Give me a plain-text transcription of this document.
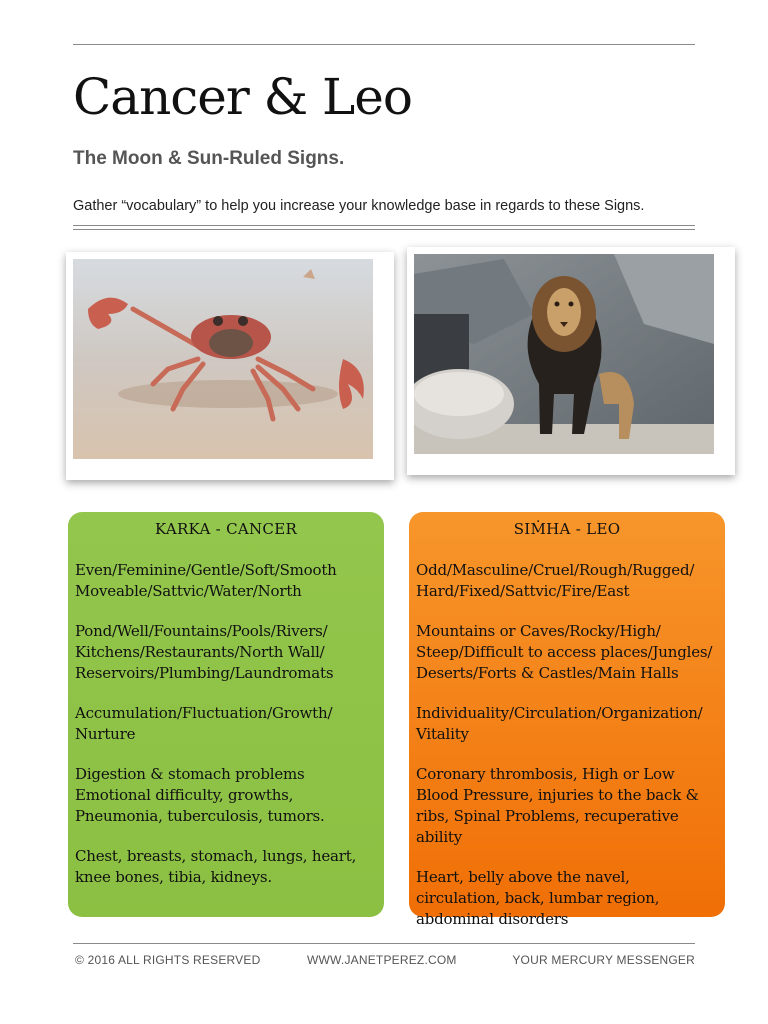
Cancer & Leo
The Moon & Sun-Ruled Signs.

Gather “vocabulary” to help you increase your knowledge base in regards to these Signs.

KARKA - CANCER

Even/Feminine/Gentle/Soft/Smooth Moveable/Sattvic/Water/North

Pond/Well/Fountains/Pools/Rivers/ Kitchens/Restaurants/North Wall/ Reservoirs/Plumbing/Laundromats

Accumulation/Fluctuation/Growth/ Nurture

Digestion & stomach problems Emotional difficulty, growths, Pneumonia, tuberculosis, tumors.

Chest, breasts, stomach, lungs, heart, knee bones, tibia, kidneys.

SIṀHA - LEO

Odd/Masculine/Cruel/Rough/Rugged/ Hard/Fixed/Sattvic/Fire/East

Mountains or Caves/Rocky/High/ Steep/Difficult to access places/Jungles/ Deserts/Forts & Castles/Main Halls

Individuality/Circulation/Organization/ Vitality

Coronary thrombosis, High or Low Blood Pressure, injuries to the back & ribs, Spinal Problems, recuperative ability

Heart, belly above the navel, circulation, back, lumbar region, abdominal disorders

© 2016 ALL RIGHTS RESERVED	WWW.JANETPEREZ.COM	YOUR MERCURY MESSENGER
